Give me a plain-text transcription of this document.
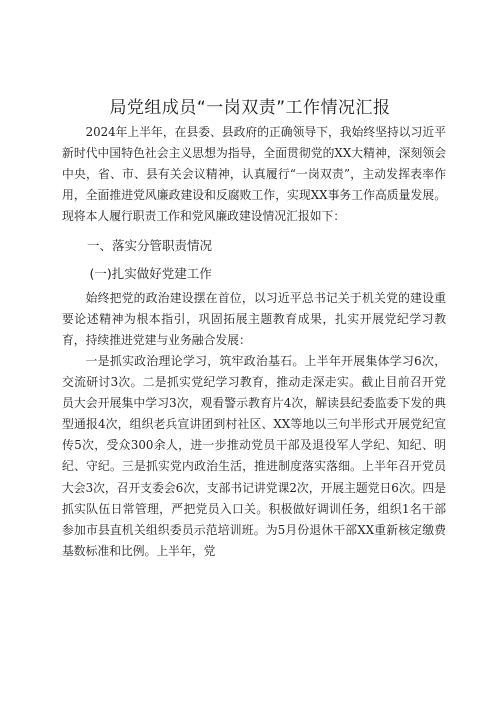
局党组成员“一岗双责”工作情况汇报

2024年上半年，在县委、县政府的正确领导下，我始终坚持以习近平新时代中国特色社会主义思想为指导，全面贯彻党的XX大精神，深刻领会中央，省、市、县有关会议精神，认真履行“一岗双责”，主动发挥表率作用，全面推进党风廉政建设和反腐败工作，实现XX事务工作高质量发展。现将本人履行职责工作和党风廉政建设情况汇报如下：

一、落实分管职责情况

(一)扎实做好党建工作

始终把党的政治建设摆在首位，以习近平总书记关于机关党的建设重要论述精神为根本指引，巩固拓展主题教育成果，扎实开展党纪学习教育，持续推进党建与业务融合发展：

一是抓实政治理论学习，筑牢政治基石。上半年开展集体学习6次，交流研讨3次。二是抓实党纪学习教育，推动走深走实。截止目前召开党员大会开展集中学习3次，观看警示教育片4次，解读县纪委监委下发的典型通报4次，组织老兵宣讲团到村社区、XX等地以三句半形式开展党纪宣传5次，受众300余人，进一步推动党员干部及退役军人学纪、知纪、明纪、守纪。三是抓实党内政治生活，推进制度落实落细。上半年召开党员大会3次，召开支委会6次，支部书记讲党课2次，开展主题党日6次。四是抓实队伍日常管理，严把党员入口关。积极做好调训任务，组织1名干部参加市县直机关组织委员示范培训班。为5月份退休干部XX重新核定缴费基数标准和比例。上半年，党
